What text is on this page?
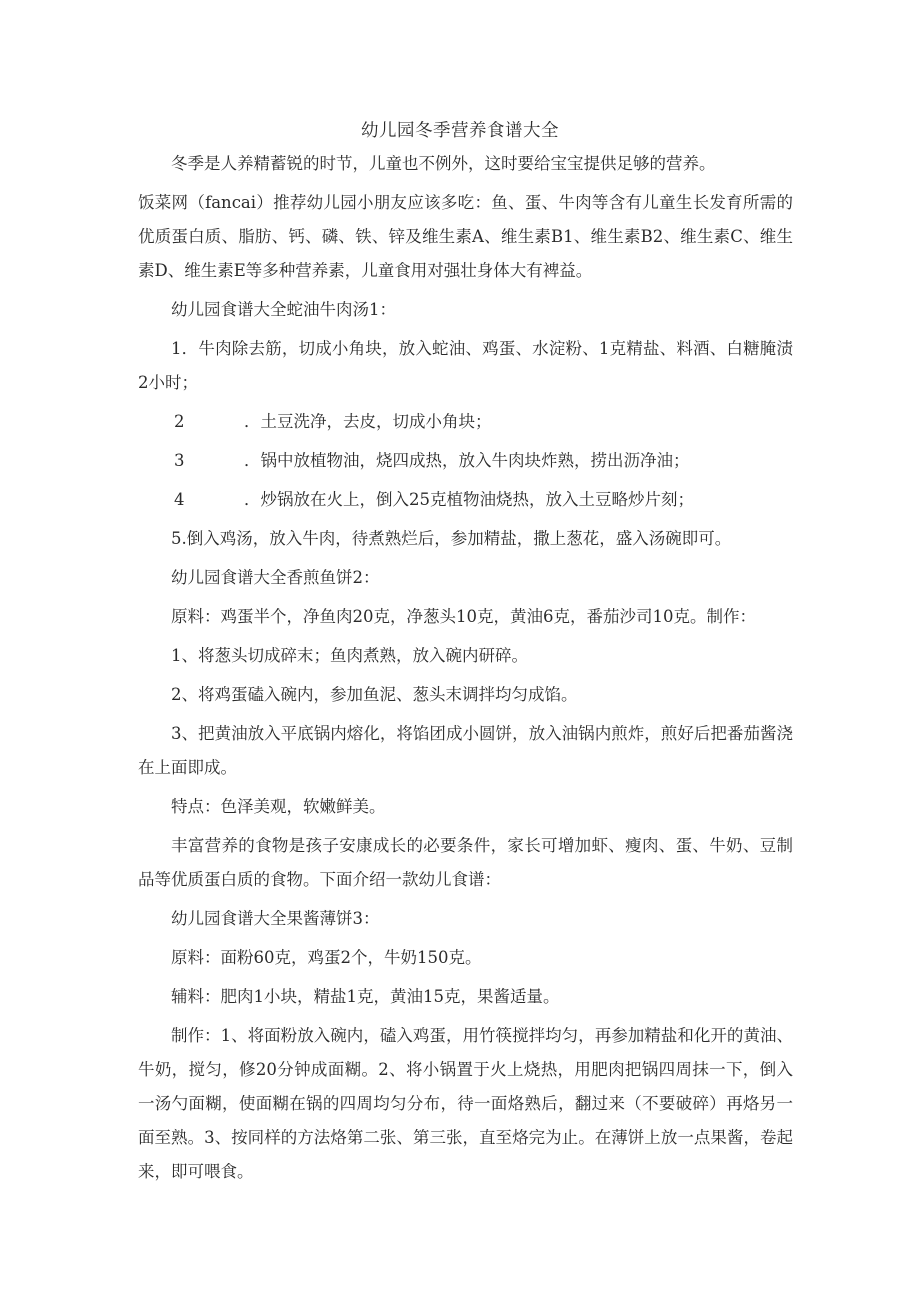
幼儿园冬季营养食谱大全

冬季是人养精蓄锐的时节，儿童也不例外，这时要给宝宝提供足够的营养。

饭菜网（fancai）推荐幼儿园小朋友应该多吃：鱼、蛋、牛肉等含有儿童生长发育所需的优质蛋白质、脂肪、钙、磷、铁、锌及维生素A、维生素B1、维生素B2、维生素C、维生素D、维生素E等多种营养素，儿童食用对强壮身体大有裨益。

幼儿园食谱大全蛇油牛肉汤1：

1．牛肉除去筋，切成小角块，放入蛇油、鸡蛋、水淀粉、1克精盐、料酒、白糖腌渍2小时；

2	．土豆洗净，去皮，切成小角块；
3	．锅中放植物油，烧四成热，放入牛肉块炸熟，捞出沥净油；
4	．炒锅放在火上，倒入25克植物油烧热，放入土豆略炒片刻；

5.倒入鸡汤，放入牛肉，待煮熟烂后，参加精盐，撒上葱花，盛入汤碗即可。

幼儿园食谱大全香煎鱼饼2：

原料：鸡蛋半个，净鱼肉20克，净葱头10克，黄油6克，番茄沙司10克。制作：

1、将葱头切成碎末；鱼肉煮熟，放入碗内研碎。

2、将鸡蛋磕入碗内，参加鱼泥、葱头末调拌均匀成馅。

3、把黄油放入平底锅内熔化，将馅团成小圆饼，放入油锅内煎炸，煎好后把番茄酱浇在上面即成。

特点：色泽美观，软嫩鲜美。

丰富营养的食物是孩子安康成长的必要条件，家长可增加虾、瘦肉、蛋、牛奶、豆制品等优质蛋白质的食物。下面介绍一款幼儿食谱：

幼儿园食谱大全果酱薄饼3：

原料：面粉60克，鸡蛋2个，牛奶150克。

辅料：肥肉1小块，精盐1克，黄油15克，果酱适量。

制作：1、将面粉放入碗内，磕入鸡蛋，用竹筷搅拌均匀，再参加精盐和化开的黄油、牛奶，搅匀，修20分钟成面糊。2、将小锅置于火上烧热，用肥肉把锅四周抹一下，倒入一汤勺面糊，使面糊在锅的四周均匀分布，待一面烙熟后，翻过来（不要破碎）再烙另一面至熟。3、按同样的方法烙第二张、第三张，直至烙完为止。在薄饼上放一点果酱，卷起来，即可喂食。
